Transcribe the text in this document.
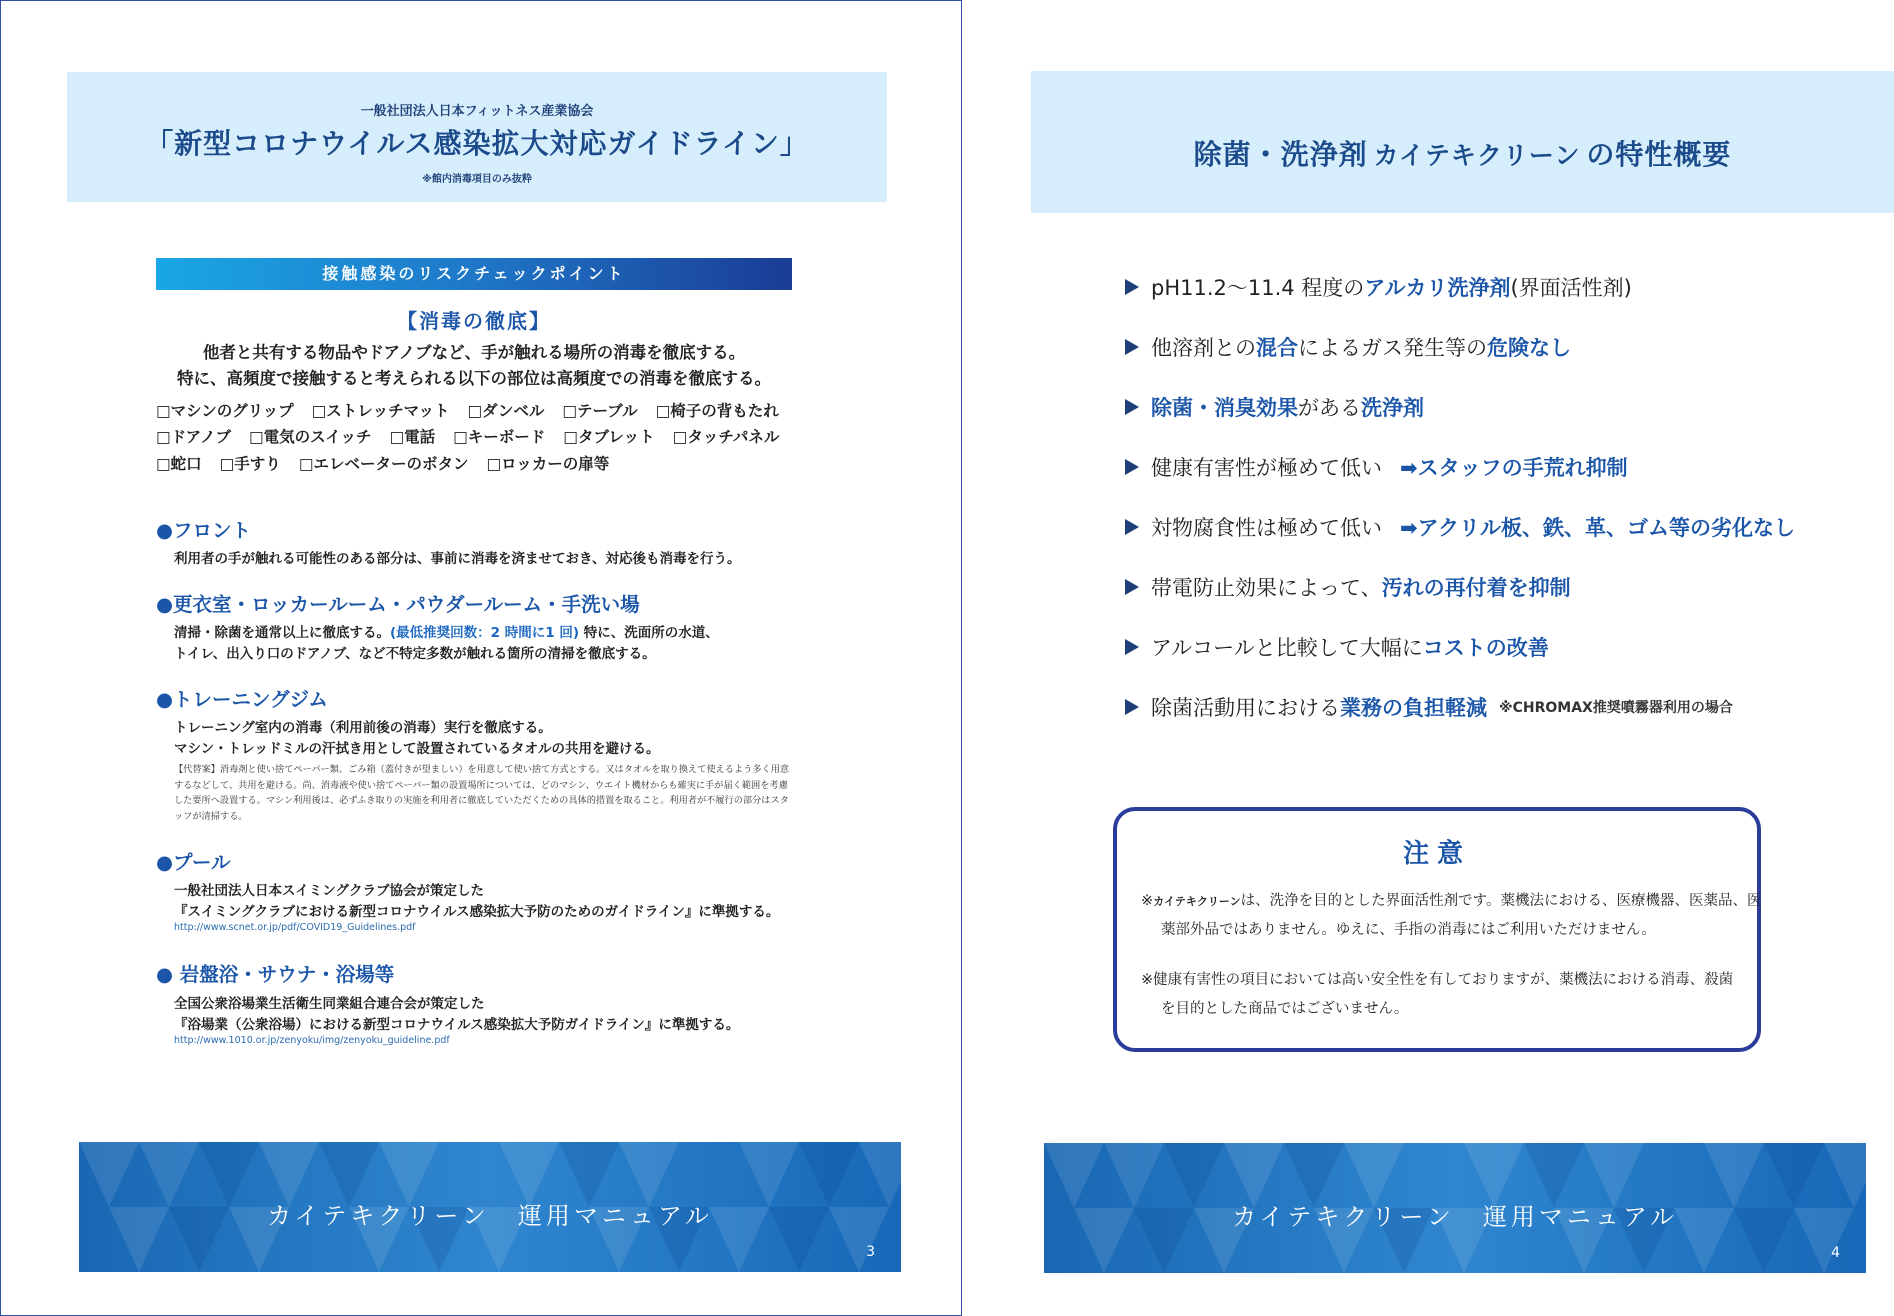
一般社団法人日本フィットネス産業協会
「新型コロナウイルス感染拡大対応ガイドライン」
※館内消毒項目のみ抜粋
接触感染のリスクチェックポイント
【消毒の徹底】
他者と共有する物品やドアノブなど、手が触れる場所の消毒を徹底する。
特に、高頻度で接触すると考えられる以下の部位は高頻度での消毒を徹底する。
□マシンのグリップ □ストレッチマット □ダンベル □テーブル □椅子の背もたれ
□ドアノブ □電気のスイッチ □電話 □キーボード □タブレット □タッチパネル
□蛇口 □手すり □エレベーターのボタン □ロッカーの扉等
●フロント
利用者の手が触れる可能性のある部分は、事前に消毒を済ませておき、対応後も消毒を行う。
●更衣室・ロッカールーム・パウダールーム・手洗い場
清掃・除菌を通常以上に徹底する。(最低推奨回数：2 時間に1 回) 特に、洗面所の水道、
トイレ、出入り口のドアノブ、など不特定多数が触れる箇所の清掃を徹底する。
●トレーニングジム
トレーニング室内の消毒（利用前後の消毒）実行を徹底する。
マシン・トレッドミルの汗拭き用として設置されているタオルの共用を避ける。
【代替案】消毒剤と使い捨てペーパー類、ごみ箱（蓋付きが望ましい）を用意して使い捨て方式とする。又はタオルを取り換えて使えるよう多く用意するなどして、共用を避ける。尚、消毒液や使い捨てペーパー類の設置場所については、どのマシン、ウエイト機材からも確実に手が届く範囲を考慮した要所へ設置する。マシン利用後は、必ずふき取りの実施を利用者に徹底していただくための具体的措置を取ること。利用者が不履行の部分はスタッフが清掃する。
●プール
一般社団法人日本スイミングクラブ協会が策定した
『スイミングクラブにおける新型コロナウイルス感染拡大予防のためのガイドライン』に準拠する。
http://www.scnet.or.jp/pdf/COVID19_Guidelines.pdf
● 岩盤浴・サウナ・浴場等
全国公衆浴場業生活衛生同業組合連合会が策定した
『浴場業（公衆浴場）における新型コロナウイルス感染拡大予防ガイドライン』に準拠する。
http://www.1010.or.jp/zenyoku/img/zenyoku_guideline.pdf
カイテキクリーン　運用マニュアル
3
除菌・洗浄剤 カイテキクリーン の特性概要
pH11.2〜11.4 程度の アルカリ洗浄剤 (界面活性剤)
他溶剤との 混合 によるガス発生等の 危険なし
除菌・消臭効果 がある 洗浄剤
健康有害性が極めて低い ➡スタッフの手荒れ抑制
対物腐食性は極めて低い ➡アクリル板、鉄、革、ゴム等の劣化なし
帯電防止効果によって、 汚れの再付着を抑制
アルコールと比較して大幅に コストの改善
除菌活動用における 業務の負担軽減 ※CHROMAX推奨噴霧器利用の場合
注意
※カイテキクリーンは、洗浄を目的とした界面活性剤です。薬機法における、医療機器、医薬品、医
薬部外品ではありません。ゆえに、手指の消毒にはご利用いただけません。
※健康有害性の項目においては高い安全性を有しておりますが、薬機法における消毒、殺菌
を目的とした商品ではございません。
カイテキクリーン　運用マニュアル
4
